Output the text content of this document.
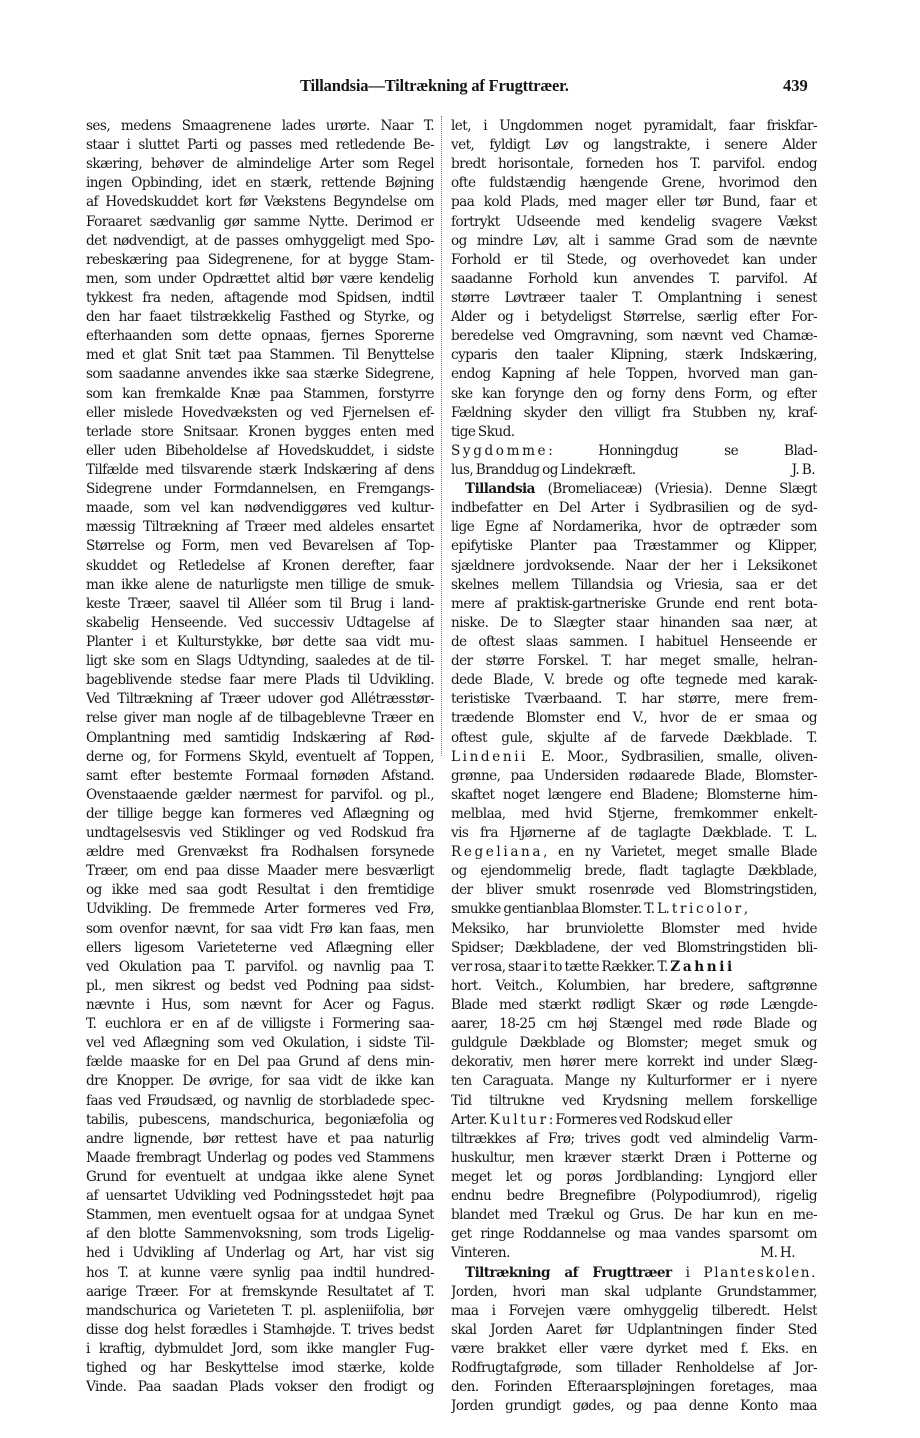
Tillandsia—Tiltrækning af Frugttræer.	439
ses, medens Smaagrenene lades urørte. Naar T.
staar i sluttet Parti og passes med retledende Be-
skæring, behøver de almindelige Arter som Regel
ingen Opbinding, idet en stærk, rettende Bøjning
af Hovedskuddet kort før Vækstens Begyndelse om
Foraaret sædvanlig gør samme Nytte. Derimod er
det nødvendigt, at de passes omhyggeligt med Spo-
rebeskæring paa Sidegrenene, for at bygge Stam-
men, som under Opdrættet altid bør være kendelig
tykkest fra neden, aftagende mod Spidsen, indtil
den har faaet tilstrækkelig Fasthed og Styrke, og
efterhaanden som dette opnaas, fjernes Sporerne
med et glat Snit tæt paa Stammen. Til Benyttelse
som saadanne anvendes ikke saa stærke Sidegrene,
som kan fremkalde Knæ paa Stammen, forstyrre
eller mislede Hovedvæksten og ved Fjernelsen ef-
terlade store Snitsaar. Kronen bygges enten med
eller uden Bibeholdelse af Hovedskuddet, i sidste
Tilfælde med tilsvarende stærk Indskæring af dens
Sidegrene under Formdannelsen, en Fremgangs-
maade, som vel kan nødvendiggøres ved kultur-
mæssig Tiltrækning af Træer med aldeles ensartet
Størrelse og Form, men ved Bevarelsen af Top-
skuddet og Retledelse af Kronen derefter, faar
man ikke alene de naturligste men tillige de smuk-
keste Træer, saavel til Alléer som til Brug i land-
skabelig Henseende. Ved successiv Udtagelse af
Planter i et Kulturstykke, bør dette saa vidt mu-
ligt ske som en Slags Udtynding, saaledes at de til-
bageblivende stedse faar mere Plads til Udvikling.
Ved Tiltrækning af Træer udover god Allétræsstør-
relse giver man nogle af de tilbageblevne Træer en
Omplantning med samtidig Indskæring af Rød-
derne og, for Formens Skyld, eventuelt af Toppen,
samt efter bestemte Formaal fornøden Afstand.
Ovenstaaende gælder nærmest for parvifol. og pl.,
der tillige begge kan formeres ved Aflægning og
undtagelsesvis ved Stiklinger og ved Rodskud fra
ældre med Grenvækst fra Rodhalsen forsynede
Træer, om end paa disse Maader mere besværligt
og ikke med saa godt Resultat i den fremtidige
Udvikling. De fremmede Arter formeres ved Frø,
som ovenfor nævnt, for saa vidt Frø kan faas, men
ellers ligesom Varieteterne ved Aflægning eller
ved Okulation paa T. parvifol. og navnlig paa T.
pl., men sikrest og bedst ved Podning paa sidst-
nævnte i Hus, som nævnt for Acer og Fagus.
T. euchlora er en af de villigste i Formering saa-
vel ved Aflægning som ved Okulation, i sidste Til-
fælde maaske for en Del paa Grund af dens min-
dre Knopper. De øvrige, for saa vidt de ikke kan
faas ved Frøudsæd, og navnlig de storbladede spec-
tabilis, pubescens, mandschurica, begoniæfolia og
andre lignende, bør rettest have et paa naturlig
Maade frembragt Underlag og podes ved Stammens
Grund for eventuelt at undgaa ikke alene Synet
af uensartet Udvikling ved Podningsstedet højt paa
Stammen, men eventuelt ogsaa for at undgaa Synet
af den blotte Sammenvoksning, som trods Ligelig-
hed i Udvikling af Underlag og Art, har vist sig
hos T. at kunne være synlig paa indtil hundred-
aarige Træer. For at fremskynde Resultatet af T.
mandschurica og Varieteten T. pl. aspleniifolia, bør
disse dog helst forædles i Stamhøjde. T. trives bedst
i kraftig, dybmuldet Jord, som ikke mangler Fug-
tighed og har Beskyttelse imod stærke, kolde
Vinde. Paa saadan Plads vokser den frodigt og
let, i Ungdommen noget pyramidalt, faar friskfar-
vet, fyldigt Løv og langstrakte, i senere Alder
bredt horisontale, forneden hos T. parvifol. endog
ofte fuldstændig hængende Grene, hvorimod den
paa kold Plads, med mager eller tør Bund, faar et
fortrykt Udseende med kendelig svagere Vækst
og mindre Løv, alt i samme Grad som de nævnte
Forhold er til Stede, og overhovedet kan under
saadanne Forhold kun anvendes T. parvifol. Af
større Løvtræer taaler T. Omplantning i senest
Alder og i betydeligst Størrelse, særlig efter For-
beredelse ved Omgravning, som nævnt ved Chamæ-
cyparis den taaler Klipning, stærk Indskæring,
endog Kapning af hele Toppen, hvorved man gan-
ske kan forynge den og forny dens Form, og efter
Fældning skyder den villigt fra Stubben ny, kraf-
tige Skud.
Sygdomme: Honningdug se Blad-
lus, Branddug og Lindekræft.	J. B.
Tillandsia (Bromeliaceæ) (Vriesia). Denne Slægt
indbefatter en Del Arter i Sydbrasilien og de syd-
lige Egne af Nordamerika, hvor de optræder som
epifytiske Planter paa Træstammer og Klipper,
sjældnere jordvoksende. Naar der her i Leksikonet
skelnes mellem Tillandsia og Vriesia, saa er det
mere af praktisk-gartneriske Grunde end rent bota-
niske. De to Slægter staar hinanden saa nær, at
de oftest slaas sammen. I habituel Henseende er
der større Forskel. T. har meget smalle, helran-
dede Blade, V. brede og ofte tegnede med karak-
teristiske Tværbaand. T. har større, mere frem-
trædende Blomster end V., hvor de er smaa og
oftest gule, skjulte af de farvede Dækblade. T.
Lindenii E. Moor., Sydbrasilien, smalle, oliven-
grønne, paa Undersiden rødaarede Blade, Blomster-
skaftet noget længere end Bladene; Blomsterne him-
melblaa, med hvid Stjerne, fremkommer enkelt-
vis fra Hjørnerne af de taglagte Dækblade. T. L.
Regeliana, en ny Varietet, meget smalle Blade
og ejendommelig brede, fladt taglagte Dækblade,
der bliver smukt rosenrøde ved Blomstringstiden,
smukke gentianblaa Blomster. T. L. tricolor,
Meksiko, har brunviolette Blomster med hvide
Spidser; Dækbladene, der ved Blomstringstiden bli-
ver rosa, staar i to tætte Rækker. T. Zahnii
hort. Veitch., Kolumbien, har bredere, saftgrønne
Blade med stærkt rødligt Skær og røde Længde-
aarer, 18-25 cm høj Stængel med røde Blade og
guldgule Dækblade og Blomster; meget smuk og
dekorativ, men hører mere korrekt ind under Slæg-
ten Caraguata. Mange ny Kulturformer er i nyere
Tid tiltrukne ved Krydsning mellem forskellige
Arter. Kultur: Formeres ved Rodskud eller
tiltrækkes af Frø; trives godt ved almindelig Varm-
huskultur, men kræver stærkt Dræn i Potterne og
meget let og porøs Jordblanding: Lyngjord eller
endnu bedre Bregnefibre (Polypodiumrod), rigelig
blandet med Trækul og Grus. De har kun en me-
get ringe Roddannelse og maa vandes sparsomt om
Vinteren.	M. H.
Tiltrækning af Frugttræer i Planteskolen.
Jorden, hvori man skal udplante Grundstammer,
maa i Forvejen være omhyggelig tilberedt. Helst
skal Jorden Aaret før Udplantningen finder Sted
være brakket eller være dyrket med f. Eks. en
Rodfrugtafgrøde, som tillader Renholdelse af Jor-
den. Forinden Efteraarspløjningen foretages, maa
Jorden grundigt gødes, og paa denne Konto maa
